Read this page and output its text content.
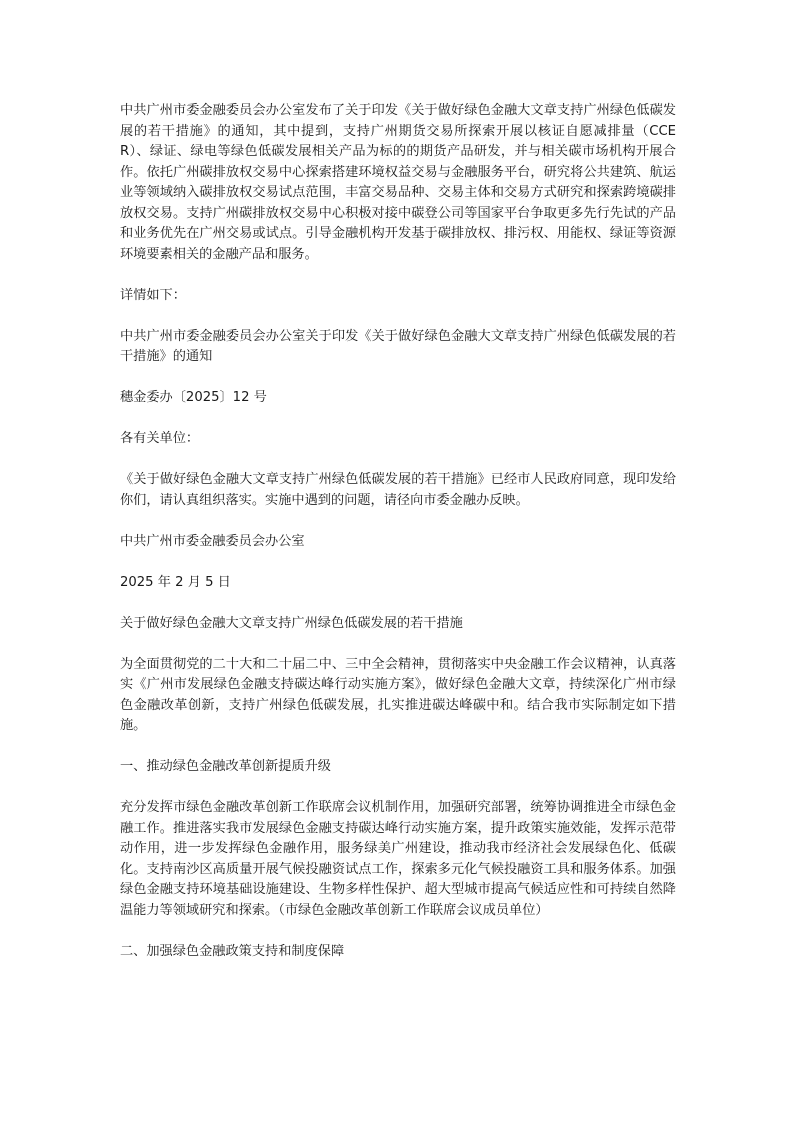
中共广州市委金融委员会办公室发布了关于印发《关于做好绿色金融大文章支持广州绿色低碳发展的若干措施》的通知，其中提到，支持广州期货交易所探索开展以核证自愿减排量（CCER）、绿证、绿电等绿色低碳发展相关产品为标的的期货产品研发，并与相关碳市场机构开展合作。依托广州碳排放权交易中心探索搭建环境权益交易与金融服务平台，研究将公共建筑、航运业等领域纳入碳排放权交易试点范围，丰富交易品种、交易主体和交易方式研究和探索跨境碳排放权交易。支持广州碳排放权交易中心积极对接中碳登公司等国家平台争取更多先行先试的产品和业务优先在广州交易或试点。引导金融机构开发基于碳排放权、排污权、用能权、绿证等资源环境要素相关的金融产品和服务。

详情如下：

中共广州市委金融委员会办公室关于印发《关于做好绿色金融大文章支持广州绿色低碳发展的若干措施》的通知

穗金委办〔2025〕12 号

各有关单位：

《关于做好绿色金融大文章支持广州绿色低碳发展的若干措施》已经市人民政府同意，现印发给你们，请认真组织落实。实施中遇到的问题，请径向市委金融办反映。

中共广州市委金融委员会办公室

2025 年 2 月 5 日

关于做好绿色金融大文章支持广州绿色低碳发展的若干措施

为全面贯彻党的二十大和二十届二中、三中全会精神，贯彻落实中央金融工作会议精神，认真落实《广州市发展绿色金融支持碳达峰行动实施方案》，做好绿色金融大文章，持续深化广州市绿色金融改革创新，支持广州绿色低碳发展，扎实推进碳达峰碳中和。结合我市实际制定如下措施。

一、推动绿色金融改革创新提质升级

充分发挥市绿色金融改革创新工作联席会议机制作用，加强研究部署，统筹协调推进全市绿色金融工作。推进落实我市发展绿色金融支持碳达峰行动实施方案，提升政策实施效能，发挥示范带动作用，进一步发挥绿色金融作用，服务绿美广州建设，推动我市经济社会发展绿色化、低碳化。支持南沙区高质量开展气候投融资试点工作，探索多元化气候投融资工具和服务体系。加强绿色金融支持环境基础设施建设、生物多样性保护、超大型城市提高气候适应性和可持续自然降温能力等领域研究和探索。（市绿色金融改革创新工作联席会议成员单位）

二、加强绿色金融政策支持和制度保障
